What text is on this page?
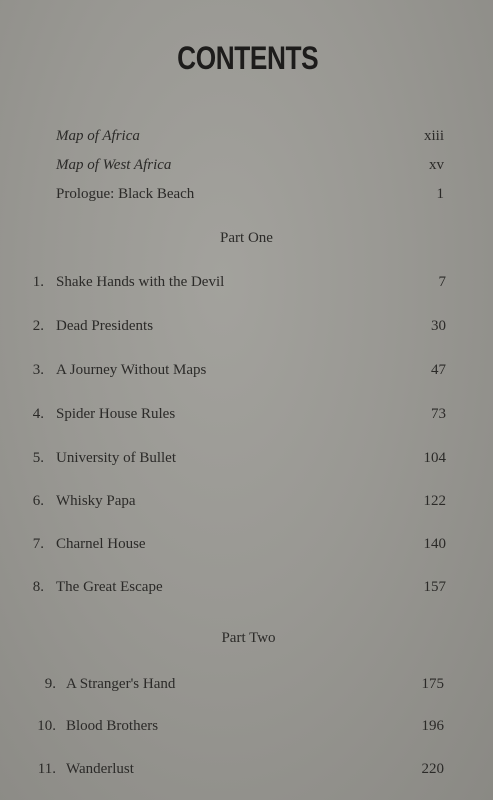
CONTENTS
Map of Africa	xiii
Map of West Africa	xv
Prologue: Black Beach	1
Part One
1. Shake Hands with the Devil	7
2. Dead Presidents	30
3. A Journey Without Maps	47
4. Spider House Rules	73
5. University of Bullet	104
6. Whisky Papa	122
7. Charnel House	140
8. The Great Escape	157
Part Two
9. A Stranger's Hand	175
10. Blood Brothers	196
11. Wanderlust	220
